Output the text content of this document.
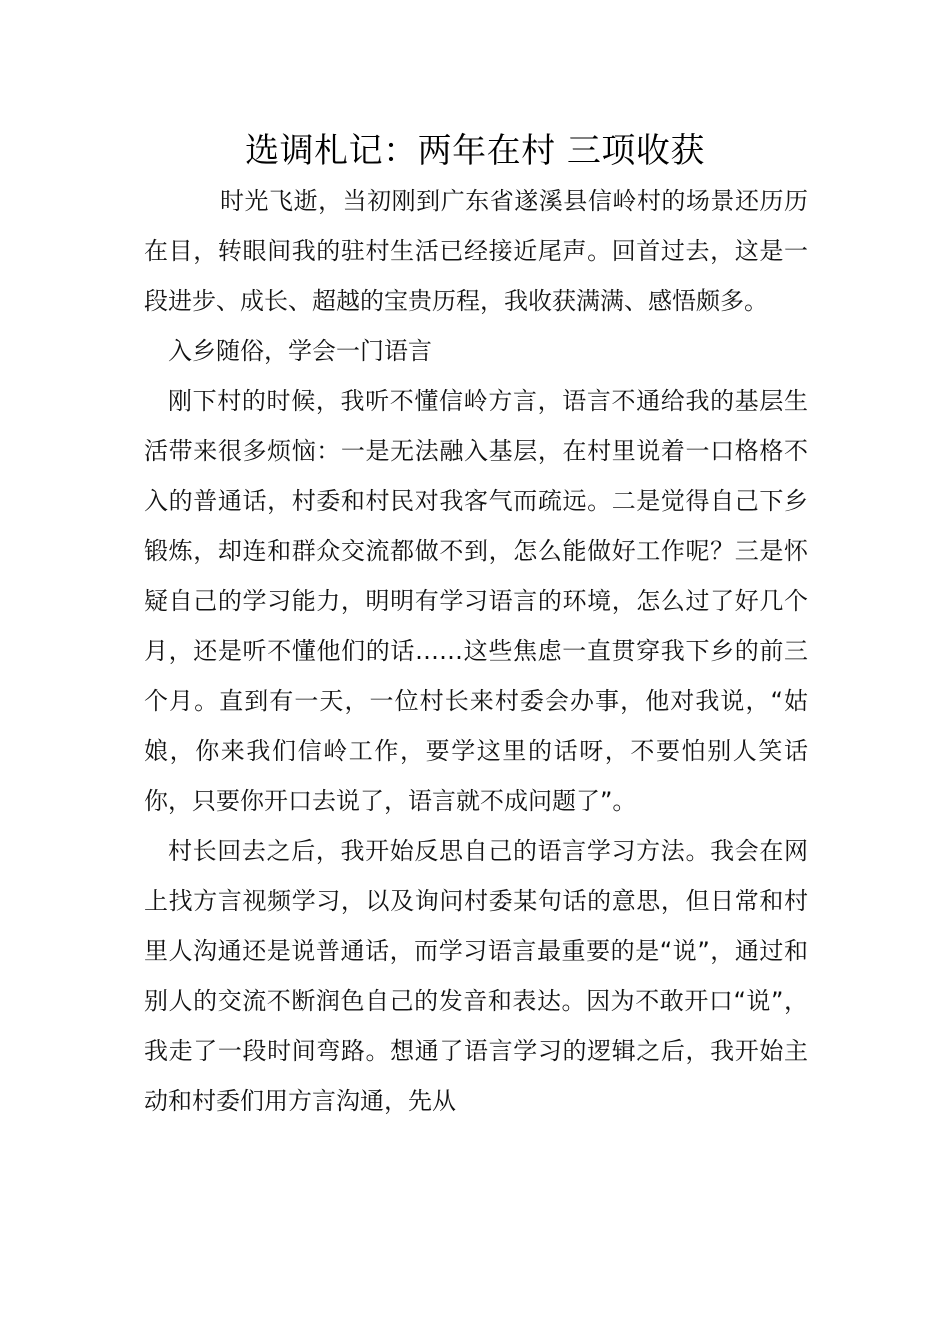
选调札记：两年在村 三项收获

时光飞逝，当初刚到广东省遂溪县信岭村的场景还历历在目，转眼间我的驻村生活已经接近尾声。回首过去，这是一段进步、成长、超越的宝贵历程，我收获满满、感悟颇多。

入乡随俗，学会一门语言

刚下村的时候，我听不懂信岭方言，语言不通给我的基层生活带来很多烦恼：一是无法融入基层，在村里说着一口格格不入的普通话，村委和村民对我客气而疏远。二是觉得自己下乡锻炼，却连和群众交流都做不到，怎么能做好工作呢？三是怀疑自己的学习能力，明明有学习语言的环境，怎么过了好几个月，还是听不懂他们的话……这些焦虑一直贯穿我下乡的前三个月。直到有一天，一位村长来村委会办事，他对我说，“姑娘，你来我们信岭工作，要学这里的话呀，不要怕别人笑话你，只要你开口去说了，语言就不成问题了”。

村长回去之后，我开始反思自己的语言学习方法。我会在网上找方言视频学习，以及询问村委某句话的意思，但日常和村里人沟通还是说普通话，而学习语言最重要的是“说”，通过和别人的交流不断润色自己的发音和表达。因为不敢开口“说”，我走了一段时间弯路。想通了语言学习的逻辑之后，我开始主动和村委们用方言沟通，先从
